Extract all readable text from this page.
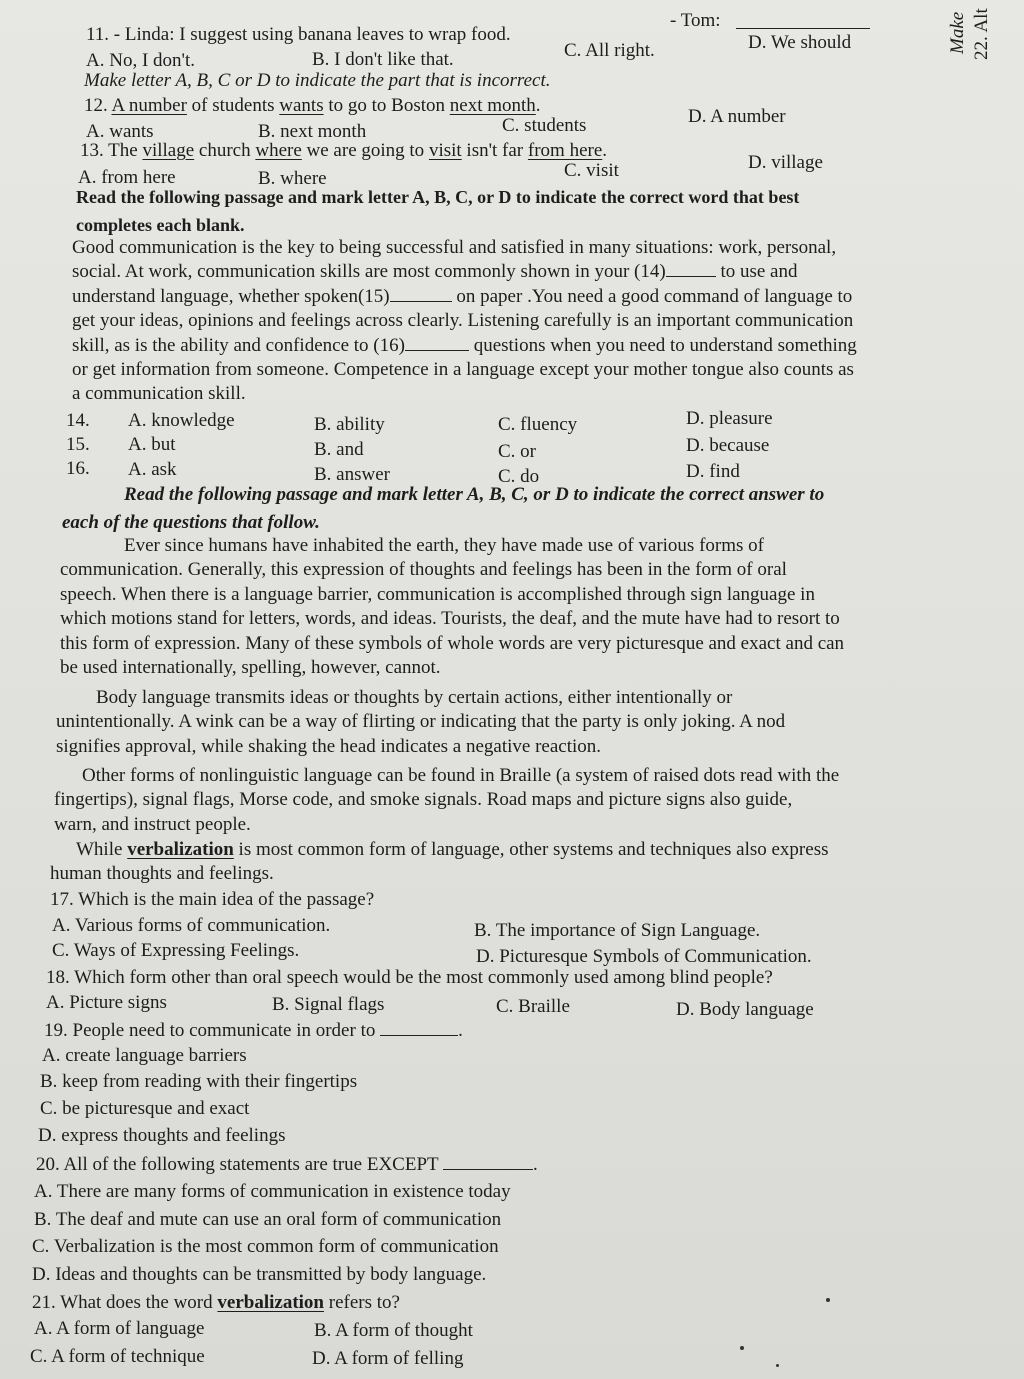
Make 22. Alt
11. - Linda: I suggest using banana leaves to wrap food.
- Tom:
A. No, I don't.	B. I don't like that.	C. All right.	D. We should
Make letter A, B, C or D to indicate the part that is incorrect.
12. A number of students wants to go to Boston next month.
A. wants	B. next month	C. students	D. A number
13. The village church where we are going to visit isn't far from here.
A. from here	B. where	C. visit	D. village
Read the following passage and mark letter A, B, C, or D to indicate the correct word that best
completes each blank.

Good communication is the key to being successful and satisfied in many situations: work, personal,

social. At work, communication skills are most commonly shown in your (14)	to use and

understand language, whether spoken(15)	on paper .You need a good command of language to

get your ideas, opinions and feelings across clearly. Listening carefully is an important communication

skill, as is the ability and confidence to (16)	questions when you need to understand something

or get information from someone. Competence in a language except your mother tongue also counts as

a communication skill.

14. A. knowledge	B. ability	C. fluency	D. pleasure
15. A. but	B. and	C. or	D. because
16. A. ask	B. answer	C. do	D. find
Read the following passage and mark letter A, B, C, or D to indicate the correct answer to
each of the questions that follow.

Ever since humans have inhabited the earth, they have made use of various forms of

communication. Generally, this expression of thoughts and feelings has been in the form of oral

speech. When there is a language barrier, communication is accomplished through sign language in

which motions stand for letters, words, and ideas. Tourists, the deaf, and the mute have had to resort to

this form of expression. Many of these symbols of whole words are very picturesque and exact and can

be used internationally, spelling, however, cannot.

Body language transmits ideas or thoughts by certain actions, either intentionally or

unintentionally. A wink can be a way of flirting or indicating that the party is only joking. A nod

signifies approval, while shaking the head indicates a negative reaction.

Other forms of nonlinguistic language can be found in Braille (a system of raised dots read with the

fingertips), signal flags, Morse code, and smoke signals. Road maps and picture signs also guide,

warn, and instruct people.

While verbalization is most common form of language, other systems and techniques also express

human thoughts and feelings.

17. Which is the main idea of the passage?
A. Various forms of communication.	B. The importance of Sign Language.
C. Ways of Expressing Feelings.	D. Picturesque Symbols of Communication.
18. Which form other than oral speech would be the most commonly used among blind people?
A. Picture signs	B. Signal flags	C. Braille	D. Body language
19. People need to communicate in order to	.
A. create language barriers
B. keep from reading with their fingertips
C. be picturesque and exact
D. express thoughts and feelings
20. All of the following statements are true EXCEPT	.
A. There are many forms of communication in existence today
B. The deaf and mute can use an oral form of communication
C. Verbalization is the most common form of communication
D. Ideas and thoughts can be transmitted by body language.
21. What does the word verbalization refers to?
A. A form of language	B. A form of thought
C. A form of technique	D. A form of felling
